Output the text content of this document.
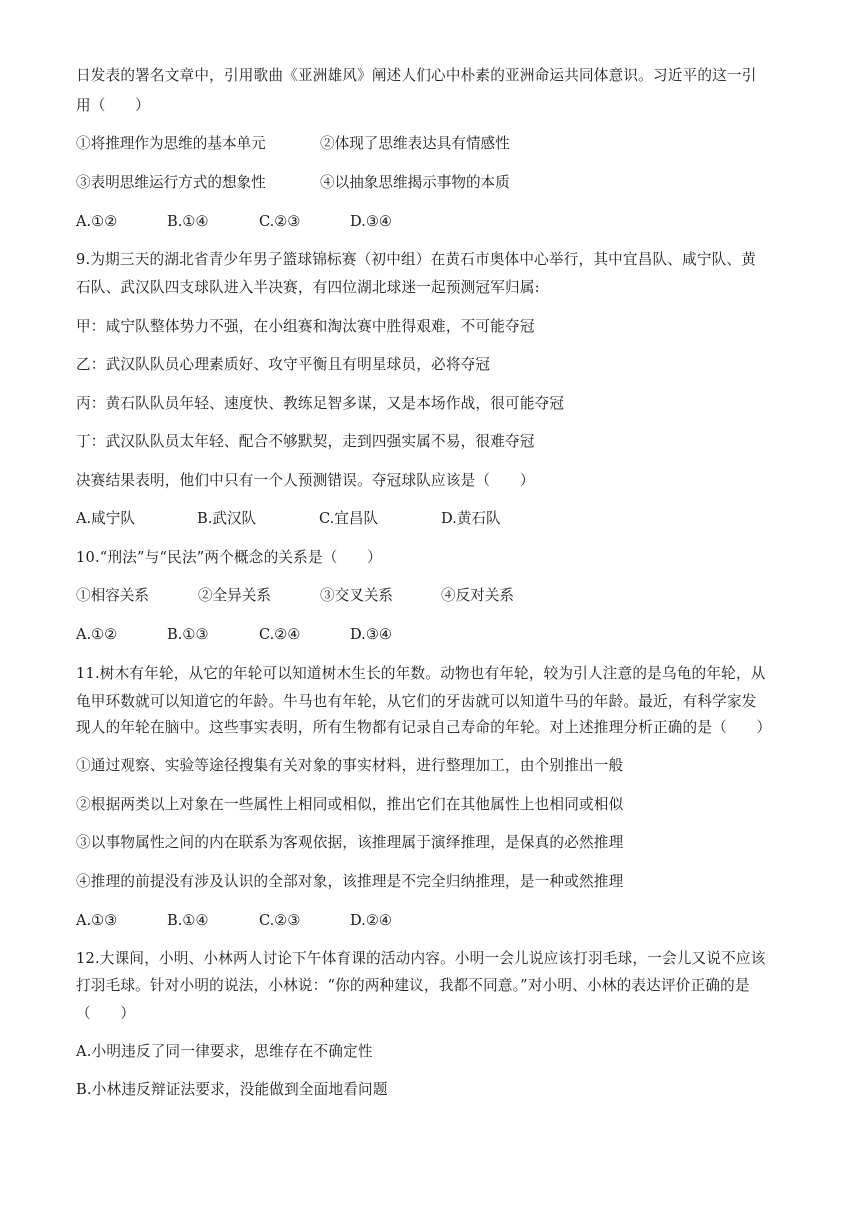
日发表的署名文章中，引用歌曲《亚洲雄风》阐述人们心中朴素的亚洲命运共同体意识。习近平的这一引
用（　　）
①将推理作为思维的基本单元	②体现了思维表达具有情感性
③表明思维运行方式的想象性	④以抽象思维揭示事物的本质
A.①②	B.①④	C.②③	D.③④
9.为期三天的湖北省青少年男子篮球锦标赛（初中组）在黄石市奥体中心举行，其中宜昌队、咸宁队、黄
石队、武汉队四支球队进入半决赛，有四位湖北球迷一起预测冠军归属:
甲：咸宁队整体势力不强，在小组赛和淘汰赛中胜得艰难，不可能夺冠
乙：武汉队队员心理素质好、攻守平衡且有明星球员，必将夺冠
丙：黄石队队员年轻、速度快、教练足智多谋，又是本场作战，很可能夺冠
丁：武汉队队员太年轻、配合不够默契，走到四强实属不易，很难夺冠
决赛结果表明，他们中只有一个人预测错误。夺冠球队应该是（　　）
A.咸宁队	B.武汉队	C.宜昌队	D.黄石队
10.“刑法”与“民法”两个概念的关系是（　　）
①相容关系	②全异关系	③交叉关系	④反对关系
A.①②	B.①③	C.②④	D.③④
11.树木有年轮，从它的年轮可以知道树木生长的年数。动物也有年轮，较为引人注意的是乌龟的年轮，从
龟甲环数就可以知道它的年龄。牛马也有年轮，从它们的牙齿就可以知道牛马的年龄。最近，有科学家发
现人的年轮在脑中。这些事实表明，所有生物都有记录自己寿命的年轮。对上述推理分析正确的是（　　）
①通过观察、实验等途径搜集有关对象的事实材料，进行整理加工，由个别推出一般
②根据两类以上对象在一些属性上相同或相似，推出它们在其他属性上也相同或相似
③以事物属性之间的内在联系为客观依据，该推理属于演绎推理，是保真的必然推理
④推理的前提没有涉及认识的全部对象，该推理是不完全归纳推理，是一种或然推理
A.①③	B.①④	C.②③	D.②④
12.大课间，小明、小林两人讨论下午体育课的活动内容。小明一会儿说应该打羽毛球，一会儿又说不应该
打羽毛球。针对小明的说法，小林说：“你的两种建议，我都不同意。”对小明、小林的表达评价正确的是
（　　）
A.小明违反了同一律要求，思维存在不确定性
B.小林违反辩证法要求，没能做到全面地看问题
